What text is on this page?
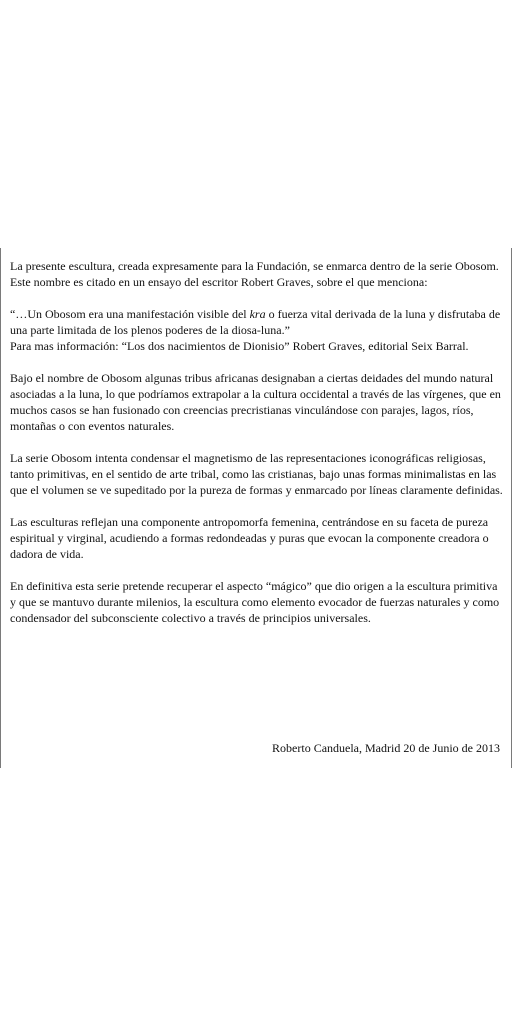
La presente escultura, creada expresamente para la Fundación, se enmarca dentro de la serie Obosom. Este nombre es citado en un ensayo del escritor Robert Graves, sobre el que menciona:

“…Un Obosom era una manifestación visible del kra o fuerza vital derivada de la luna y disfrutaba de una parte limitada de los plenos poderes de la diosa-luna.”

Para mas información: “Los dos nacimientos de Dionisio” Robert Graves, editorial Seix Barral.

Bajo el nombre de Obosom algunas tribus africanas designaban a ciertas deidades del mundo natural asociadas a la luna, lo que podríamos extrapolar a la cultura occidental a través de las vírgenes, que en muchos casos se han fusionado con creencias precristianas vinculándose con parajes, lagos, ríos, montañas o con eventos naturales.

La serie Obosom intenta condensar el magnetismo de las representaciones iconográficas religiosas, tanto primitivas, en el sentido de arte tribal, como las cristianas, bajo unas formas minimalistas en las que el volumen se ve supeditado por la pureza de formas y enmarcado por líneas claramente definidas.

Las esculturas reflejan una componente antropomorfa femenina, centrándose en su faceta de pureza espiritual y virginal, acudiendo a formas redondeadas y puras que evocan la componente creadora o dadora de vida.

En definitiva esta serie pretende recuperar el aspecto “mágico” que dio origen a la escultura primitiva y que se mantuvo durante milenios, la escultura como elemento evocador de fuerzas naturales y como condensador del subconsciente colectivo a través de principios universales.

Roberto Canduela, Madrid 20 de Junio de 2013
